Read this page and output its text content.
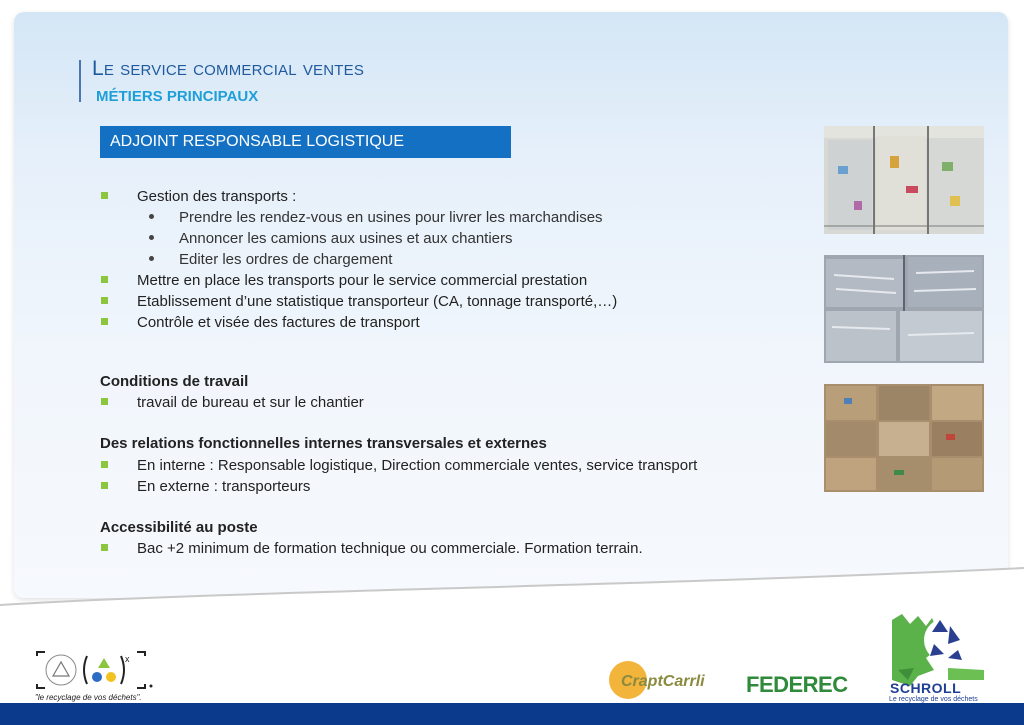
Le service commercial ventes
MÉTIERS PRINCIPAUX
ADJOINT RESPONSABLE LOGISTIQUE
Gestion des transports :
Prendre les rendez-vous en usines pour livrer les marchandises
Annoncer les camions aux usines et aux chantiers
Editer les ordres de chargement
Mettre en place les transports pour le service commercial prestation
Etablissement d’une statistique transporteur (CA, tonnage transporté,…)
Contrôle et visée des factures de transport
Conditions de travail
travail de bureau et sur le chantier
Des relations fonctionnelles internes transversales et externes
En interne : Responsable logistique, Direction commerciale ventes, service transport
En externe : transporteurs
Accessibilité au poste
Bac +2 minimum de formation technique ou commerciale. Formation terrain.
x
"le recyclage de vos déchets".
CraptCarrli FEDEREC	SCHROLL
Le recyclage de vos déchets
